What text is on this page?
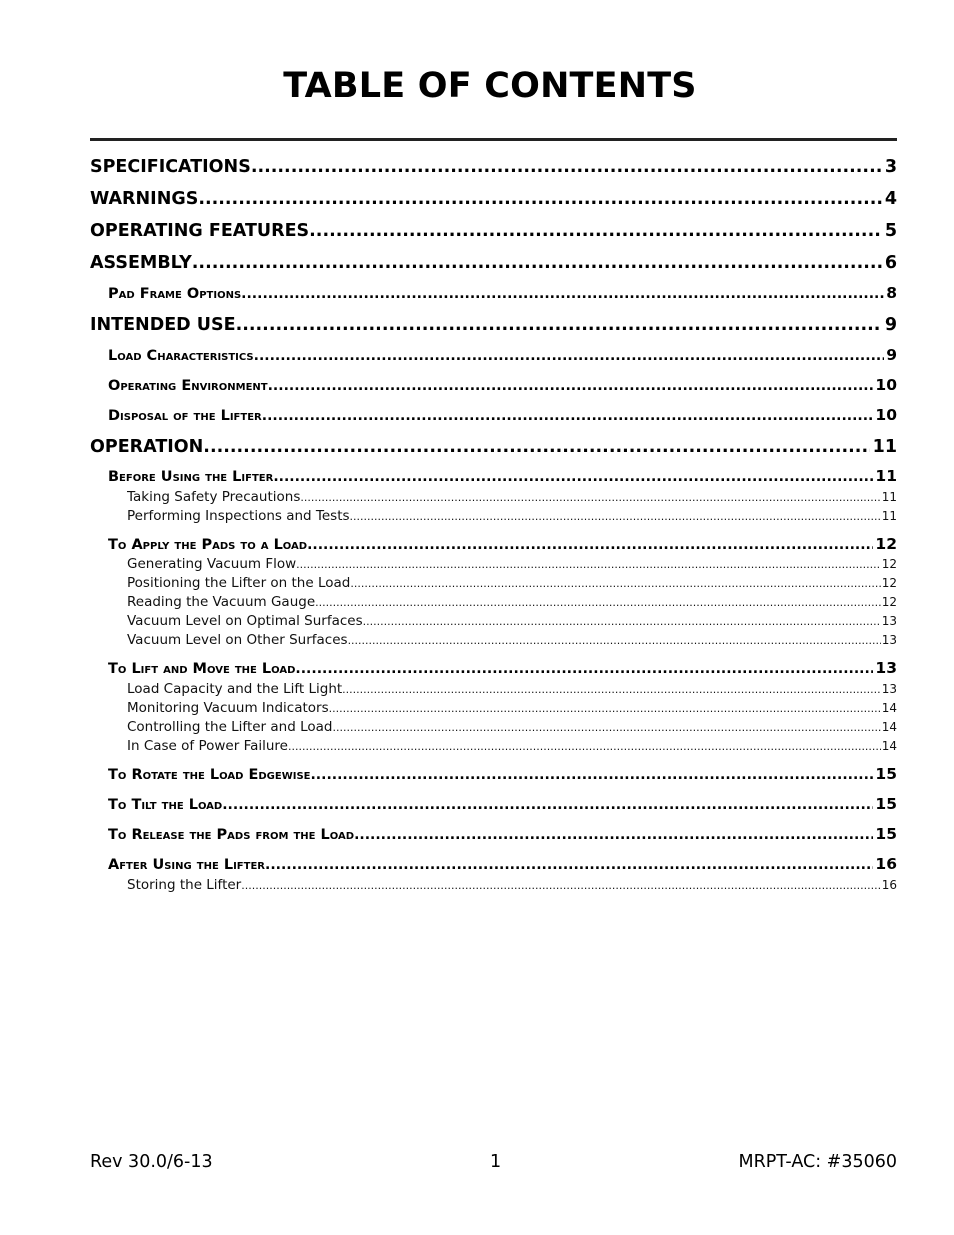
TABLE OF CONTENTS
SPECIFICATIONS .....	3
WARNINGS .....	4
OPERATING FEATURES .....	5
ASSEMBLY .....	6
Pad Frame Options .....	8
INTENDED USE .....	9
Load Characteristics .....	9
Operating Environment .....	10
Disposal of the Lifter .....	10
OPERATION .....	11
Before Using the Lifter .....	11
Taking Safety Precautions .....	11
Performing Inspections and Tests .....	11
To Apply the Pads to a Load .....	12
Generating Vacuum Flow .....	12
Positioning the Lifter on the Load .....	12
Reading the Vacuum Gauge .....	12
Vacuum Level on Optimal Surfaces .....	13
Vacuum Level on Other Surfaces .....	13
To Lift and Move the Load .....	13
Load Capacity and the Lift Light .....	13
Monitoring Vacuum Indicators .....	14
Controlling the Lifter and Load .....	14
In Case of Power Failure .....	14
To Rotate the Load Edgewise .....	15
To Tilt the Load .....	15
To Release the Pads from the Load .....	15
After Using the Lifter .....	16
Storing the Lifter .....	16
Rev 30.0/6-13	1	MRPT-AC: #35060
